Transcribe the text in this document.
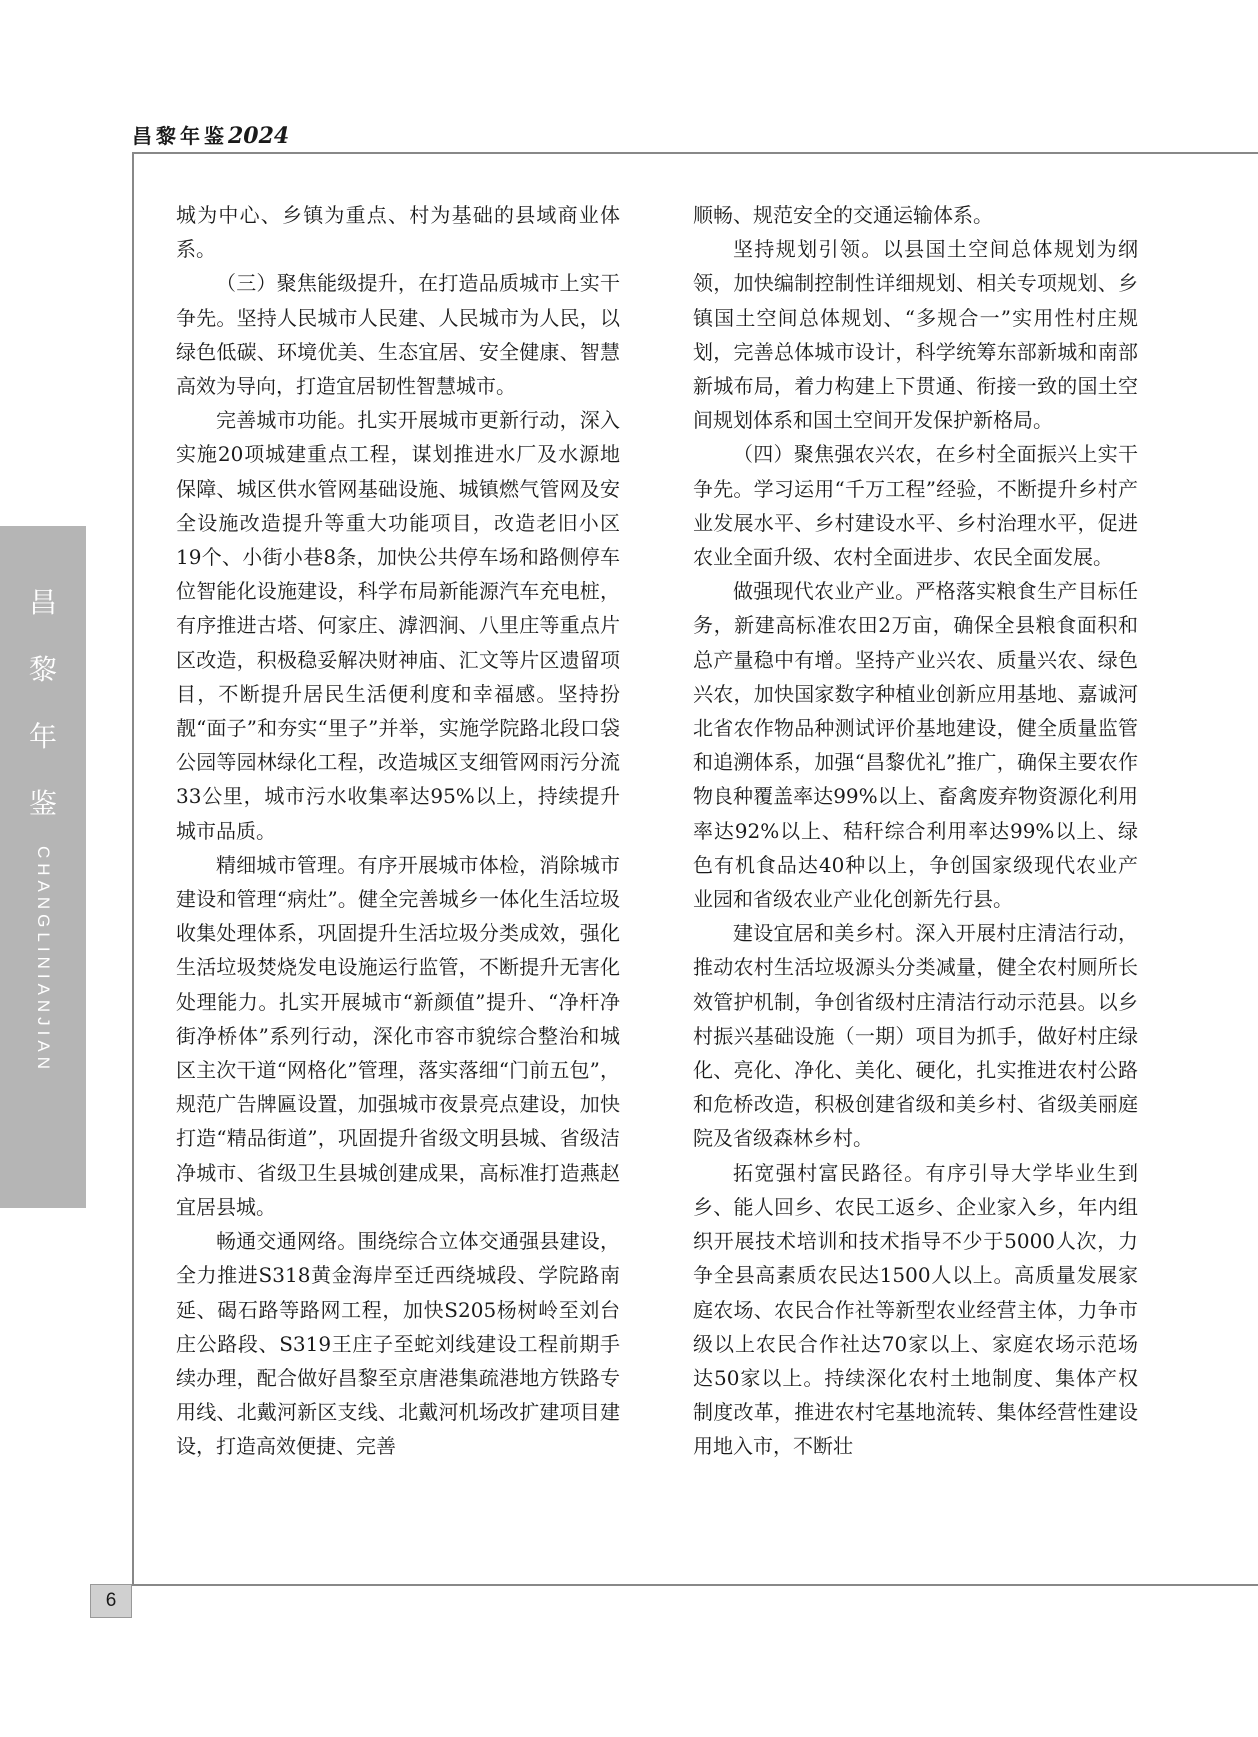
昌黎年鉴2024
昌
黎
年
鉴
CHANGLINIANJIAN
6

城为中心、乡镇为重点、村为基础的县域商业体系。

（三）聚焦能级提升，在打造品质城市上实干争先。坚持人民城市人民建、人民城市为人民，以绿色低碳、环境优美、生态宜居、安全健康、智慧高效为导向，打造宜居韧性智慧城市。

完善城市功能。扎实开展城市更新行动，深入实施20项城建重点工程，谋划推进水厂及水源地保障、城区供水管网基础设施、城镇燃气管网及安全设施改造提升等重大功能项目，改造老旧小区19个、小街小巷8条，加快公共停车场和路侧停车位智能化设施建设，科学布局新能源汽车充电桩，有序推进古塔、何家庄、滹泗涧、八里庄等重点片区改造，积极稳妥解决财神庙、汇文等片区遗留项目，不断提升居民生活便利度和幸福感。坚持扮靓“面子”和夯实“里子”并举，实施学院路北段口袋公园等园林绿化工程，改造城区支细管网雨污分流33公里，城市污水收集率达95%以上，持续提升城市品质。

精细城市管理。有序开展城市体检，消除城市建设和管理“病灶”。健全完善城乡一体化生活垃圾收集处理体系，巩固提升生活垃圾分类成效，强化生活垃圾焚烧发电设施运行监管，不断提升无害化处理能力。扎实开展城市“新颜值”提升、“净杆净街净桥体”系列行动，深化市容市貌综合整治和城区主次干道“网格化”管理，落实落细“门前五包”，规范广告牌匾设置，加强城市夜景亮点建设，加快打造“精品街道”，巩固提升省级文明县城、省级洁净城市、省级卫生县城创建成果，高标准打造燕赵宜居县城。

畅通交通网络。围绕综合立体交通强县建设，全力推进S318黄金海岸至迁西绕城段、学院路南延、碣石路等路网工程，加快S205杨树岭至刘台庄公路段、S319王庄子至蛇刘线建设工程前期手续办理，配合做好昌黎至京唐港集疏港地方铁路专用线、北戴河新区支线、北戴河机场改扩建项目建设，打造高效便捷、完善

顺畅、规范安全的交通运输体系。

坚持规划引领。以县国土空间总体规划为纲领，加快编制控制性详细规划、相关专项规划、乡镇国土空间总体规划、“多规合一”实用性村庄规划，完善总体城市设计，科学统筹东部新城和南部新城布局，着力构建上下贯通、衔接一致的国土空间规划体系和国土空间开发保护新格局。

（四）聚焦强农兴农，在乡村全面振兴上实干争先。学习运用“千万工程”经验，不断提升乡村产业发展水平、乡村建设水平、乡村治理水平，促进农业全面升级、农村全面进步、农民全面发展。

做强现代农业产业。严格落实粮食生产目标任务，新建高标准农田2万亩，确保全县粮食面积和总产量稳中有增。坚持产业兴农、质量兴农、绿色兴农，加快国家数字种植业创新应用基地、嘉诚河北省农作物品种测试评价基地建设，健全质量监管和追溯体系，加强“昌黎优礼”推广，确保主要农作物良种覆盖率达99%以上、畜禽废弃物资源化利用率达92%以上、秸秆综合利用率达99%以上、绿色有机食品达40种以上，争创国家级现代农业产业园和省级农业产业化创新先行县。

建设宜居和美乡村。深入开展村庄清洁行动，推动农村生活垃圾源头分类减量，健全农村厕所长效管护机制，争创省级村庄清洁行动示范县。以乡村振兴基础设施（一期）项目为抓手，做好村庄绿化、亮化、净化、美化、硬化，扎实推进农村公路和危桥改造，积极创建省级和美乡村、省级美丽庭院及省级森林乡村。

拓宽强村富民路径。有序引导大学毕业生到乡、能人回乡、农民工返乡、企业家入乡，年内组织开展技术培训和技术指导不少于5000人次，力争全县高素质农民达1500人以上。高质量发展家庭农场、农民合作社等新型农业经营主体，力争市级以上农民合作社达70家以上、家庭农场示范场达50家以上。持续深化农村土地制度、集体产权制度改革，推进农村宅基地流转、集体经营性建设用地入市，不断壮
